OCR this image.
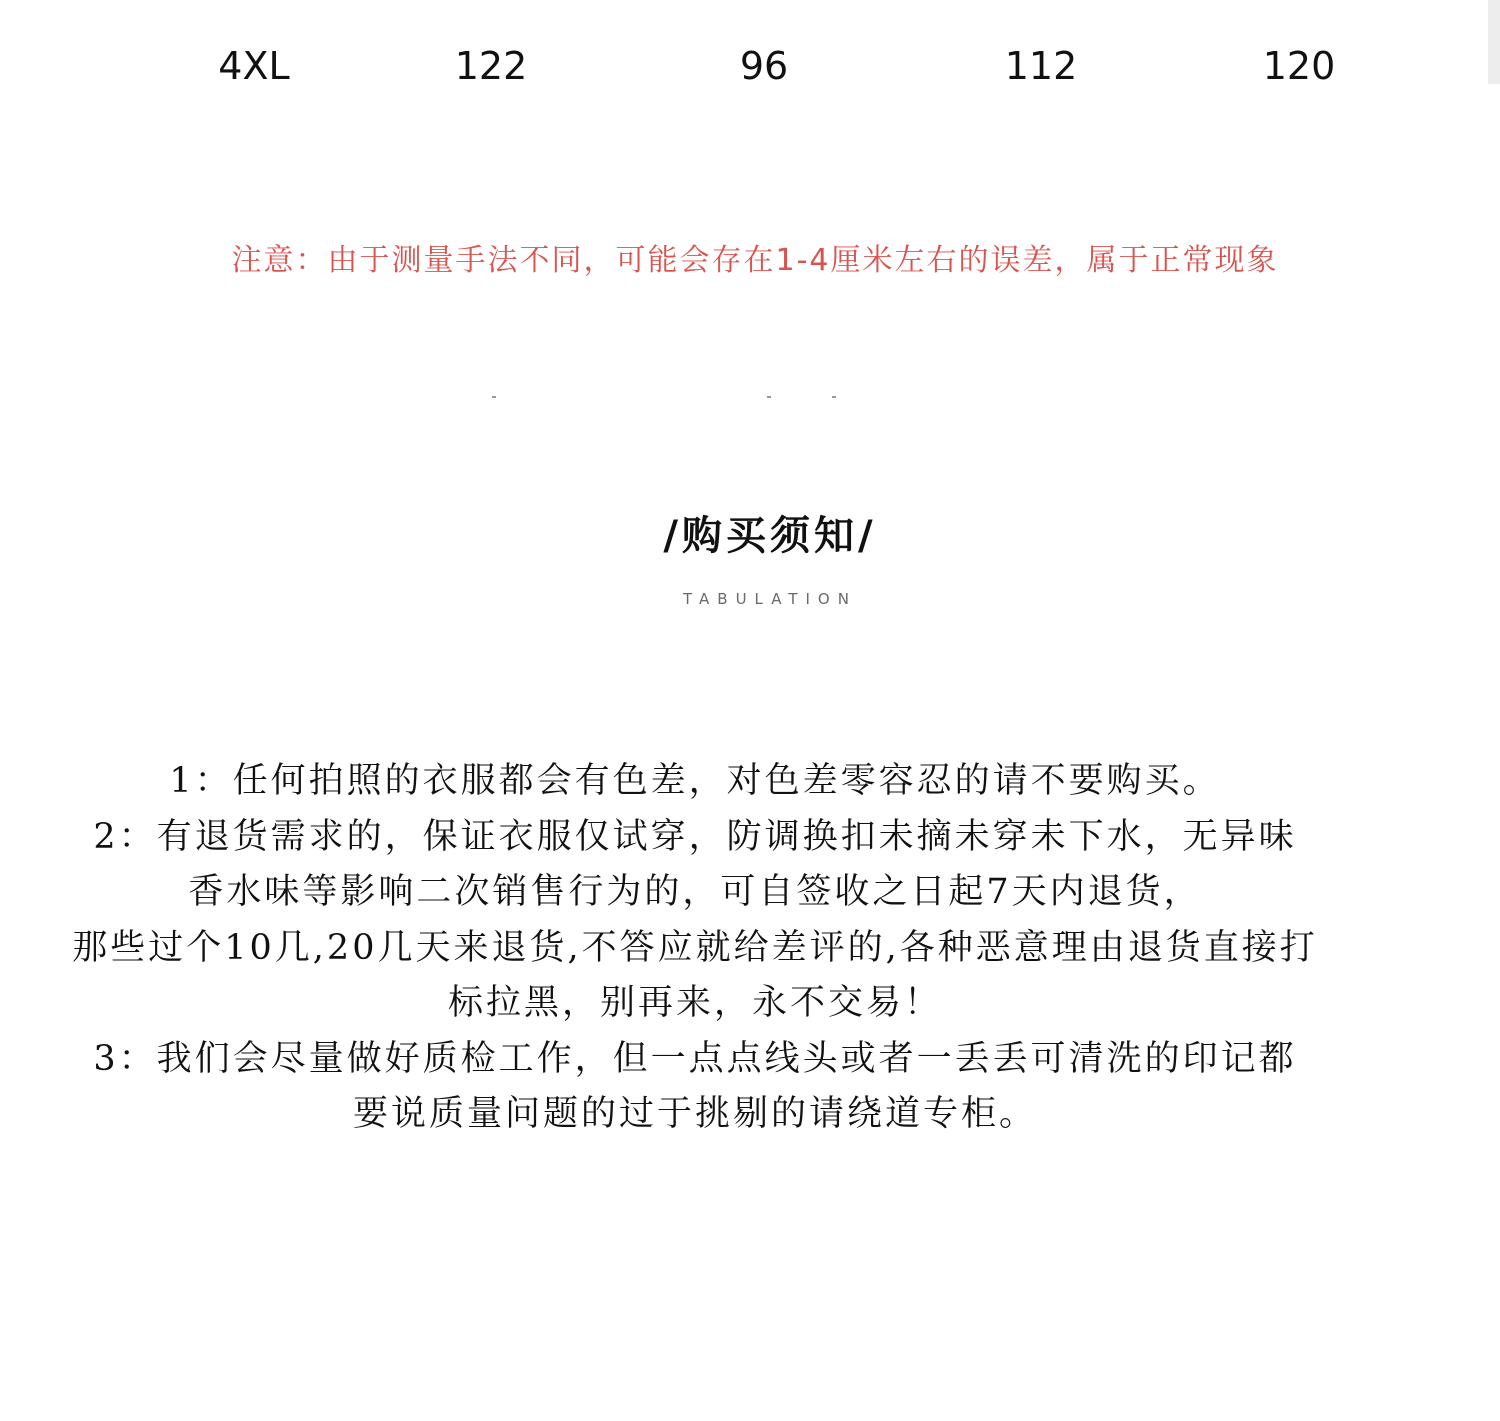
4XL	122	96	112	120
注意：由于测量手法不同，可能会存在1-4厘米左右的误差，属于正常现象
/购买须知/
TABULATION
1：任何拍照的衣服都会有色差，对色差零容忍的请不要购买。
2：有退货需求的，保证衣服仅试穿，防调换扣未摘未穿未下水，无异味
香水味等影响二次销售行为的，可自签收之日起7天内退货，
那些过个10几,20几天来退货,不答应就给差评的,各种恶意理由退货直接打
标拉黑，别再来，永不交易！
3：我们会尽量做好质检工作，但一点点线头或者一丢丢可清洗的印记都
要说质量问题的过于挑剔的请绕道专柜。
